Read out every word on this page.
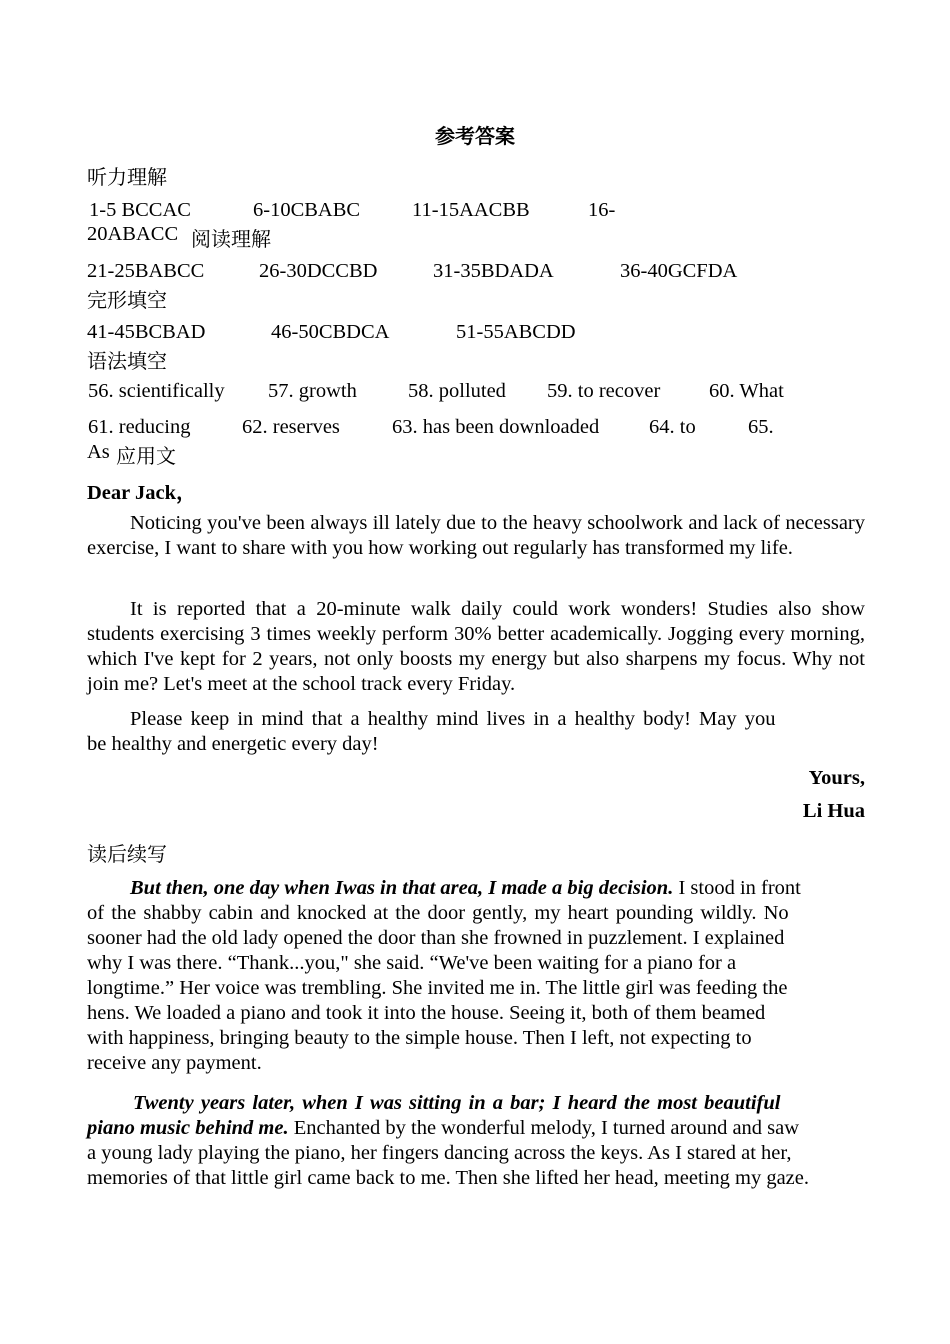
参考答案
听力理解
1-5 BCCAC	6-10CBABC	11-15AACBB	16-
20ABACC 阅读理解
21-25BABCC	26-30DCCBD	31-35BDADA	36-40GCFDA
完形填空
41-45BCBAD	46-50CBDCA	51-55ABCDD
语法填空
56. scientifically 57. growth 58. polluted 59. to recover 60. What
61. reducing	62. reserves	63. has been downloaded 64. to	65.
As 应用文
Dear Jack，
Noticing you've been always ill lately due to the heavy schoolwork and lack of necessary exercise, I want to share with you how working out regularly has transformed my life.
It is reported that a 20-minute walk daily could work wonders! Studies also show students exercising 3 times weekly perform 30% better academically. Jogging every morning, which I've kept for 2 years, not only boosts my energy but also sharpens my focus. Why not join me? Let's meet at the school track every Friday.
Please keep in mind that a healthy mind lives in a healthy body! May you
be healthy and energetic every day!
Yours,
Li Hua
读后续写
But then, one day when Iwas in that area, I made a big decision. I stood in front
of the shabby cabin and knocked at the door gently, my heart pounding wildly. No
sooner had the old lady opened the door than she frowned in puzzlement. I explained
why I was there. “Thank...you," she said. “We've been waiting for a piano for a
longtime.” Her voice was trembling. She invited me in. The little girl was feeding the
hens. We loaded a piano and took it into the house. Seeing it, both of them beamed
with happiness, bringing beauty to the simple house. Then I left, not expecting to
receive any payment.
Twenty years later, when I was sitting in a bar; I heard the most beautiful
piano music behind me. Enchanted by the wonderful melody, I turned around and saw
a young lady playing the piano, her fingers dancing across the keys. As I stared at her,
memories of that little girl came back to me. Then she lifted her head, meeting my gaze.
